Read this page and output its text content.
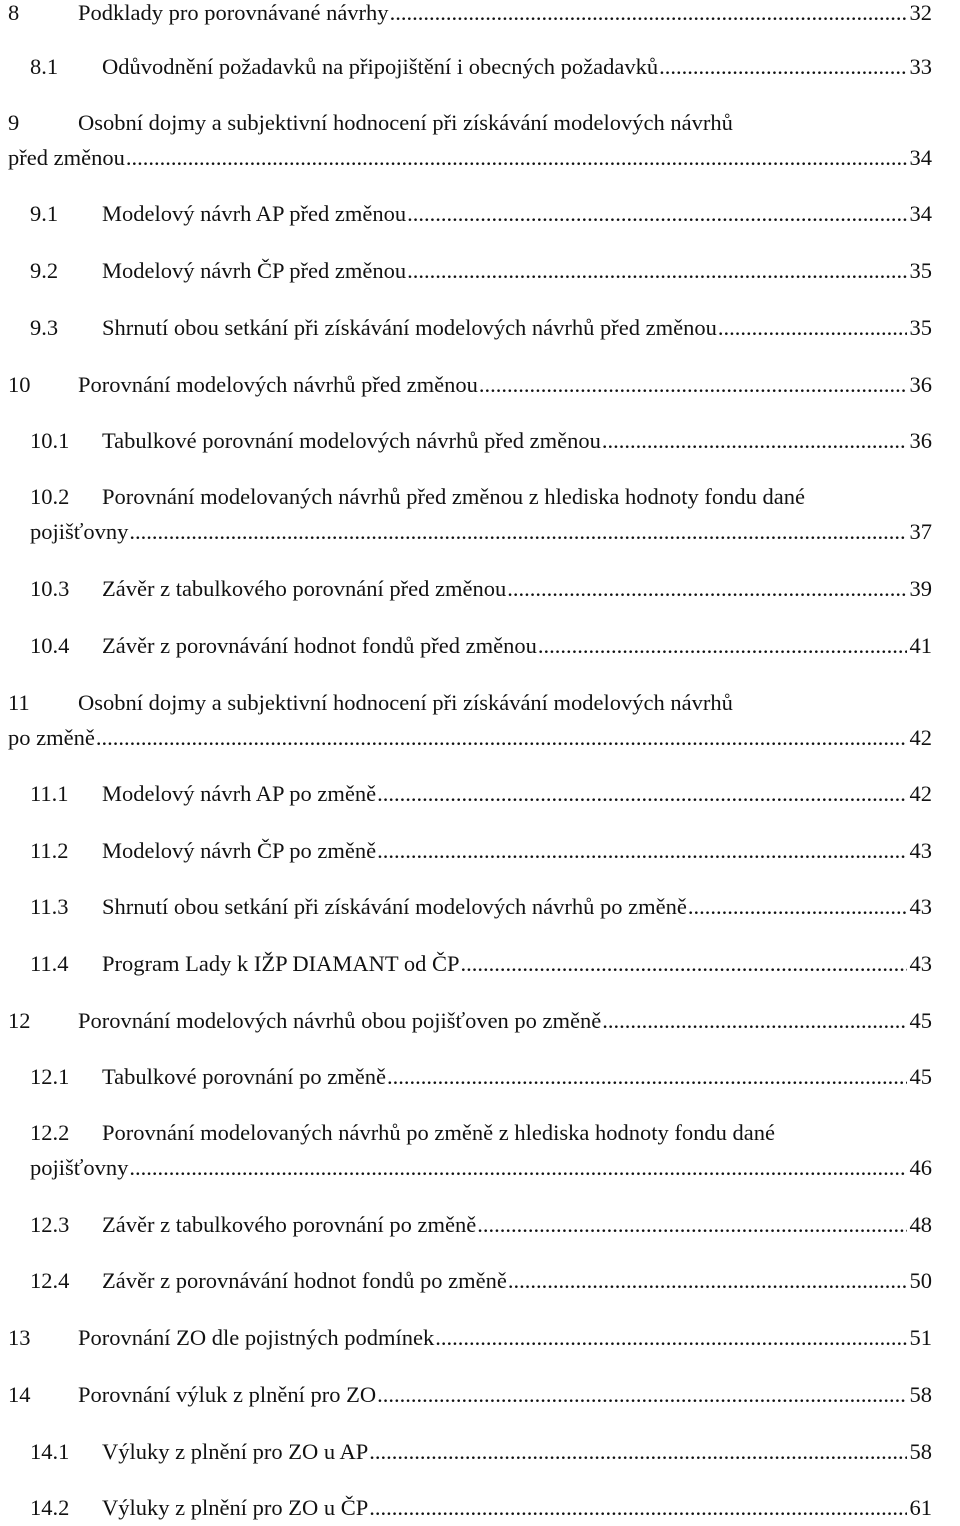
8	Podklady pro porovnávané návrhy .....	32
8.1 Odůvodnění požadavků na připojištění i obecných požadavků .....	33
9	Osobní dojmy a subjektivní hodnocení při získávání modelových návrhů
před změnou .....	34
9.1 Modelový návrh AP před změnou .....	34
9.2 Modelový návrh ČP před změnou .....	35
9.3 Shrnutí obou setkání při získávání modelových návrhů před změnou .....	35
10 Porovnání modelových návrhů před změnou .....	36
10.1 Tabulkové porovnání modelových návrhů před změnou .....	36
10.2 Porovnání modelovaných návrhů před změnou z hlediska hodnoty fondu dané
pojišťovny .....	37
10.3 Závěr z tabulkového porovnání před změnou .....	39
10.4 Závěr z porovnávání hodnot fondů před změnou .....	41
11 Osobní dojmy a subjektivní hodnocení při získávání modelových návrhů
po změně .....	42
11.1 Modelový návrh AP po změně .....	42
11.2 Modelový návrh ČP po změně .....	43
11.3 Shrnutí obou setkání při získávání modelových návrhů po změně .....	43
11.4 Program Lady k IŽP DIAMANT od ČP .....	43
12 Porovnání modelových návrhů obou pojišťoven po změně .....	45
12.1 Tabulkové porovnání po změně .....	45
12.2 Porovnání modelovaných návrhů po změně z hlediska hodnoty fondu dané
pojišťovny .....	46
12.3 Závěr z tabulkového porovnání po změně .....	48
12.4 Závěr z porovnávání hodnot fondů po změně .....	50
13 Porovnání ZO dle pojistných podmínek .....	51
14 Porovnání výluk z plnění pro ZO .....	58
14.1 Výluky z plnění pro ZO u AP .....	58
14.2 Výluky z plnění pro ZO u ČP .....	61
